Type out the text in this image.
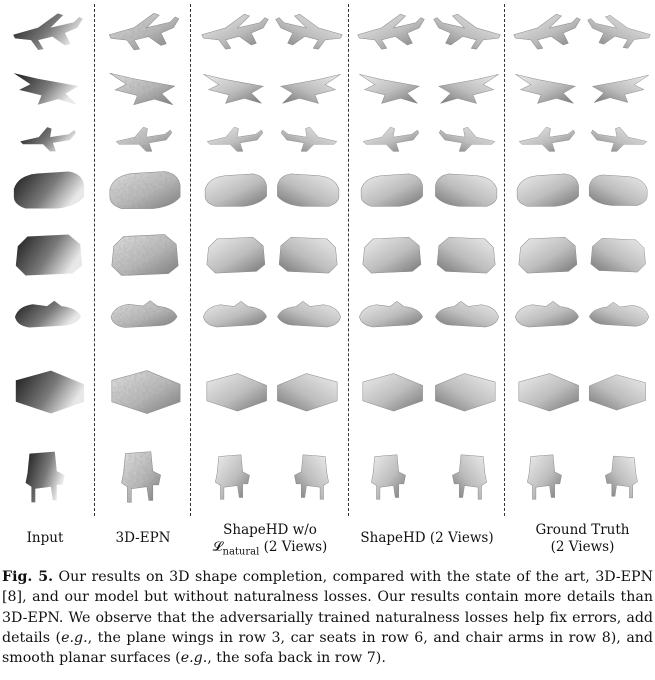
Input	3D-EPN	ShapeHD w/o
𝓛$_{natural}$ (2 Views)
ShapeHD (2 Views)	Ground Truth
(2 Views)
Fig. 5. Our results on 3D shape completion, compared with the state of the art, 3D-EPN [8], and our model but without naturalness losses. Our results contain more details than 3D-EPN. We observe that the adversarially trained naturalness losses help fix errors, add details (e.g., the plane wings in row 3, car seats in row 6, and chair arms in row 8), and smooth planar surfaces (e.g., the sofa back in row 7).
